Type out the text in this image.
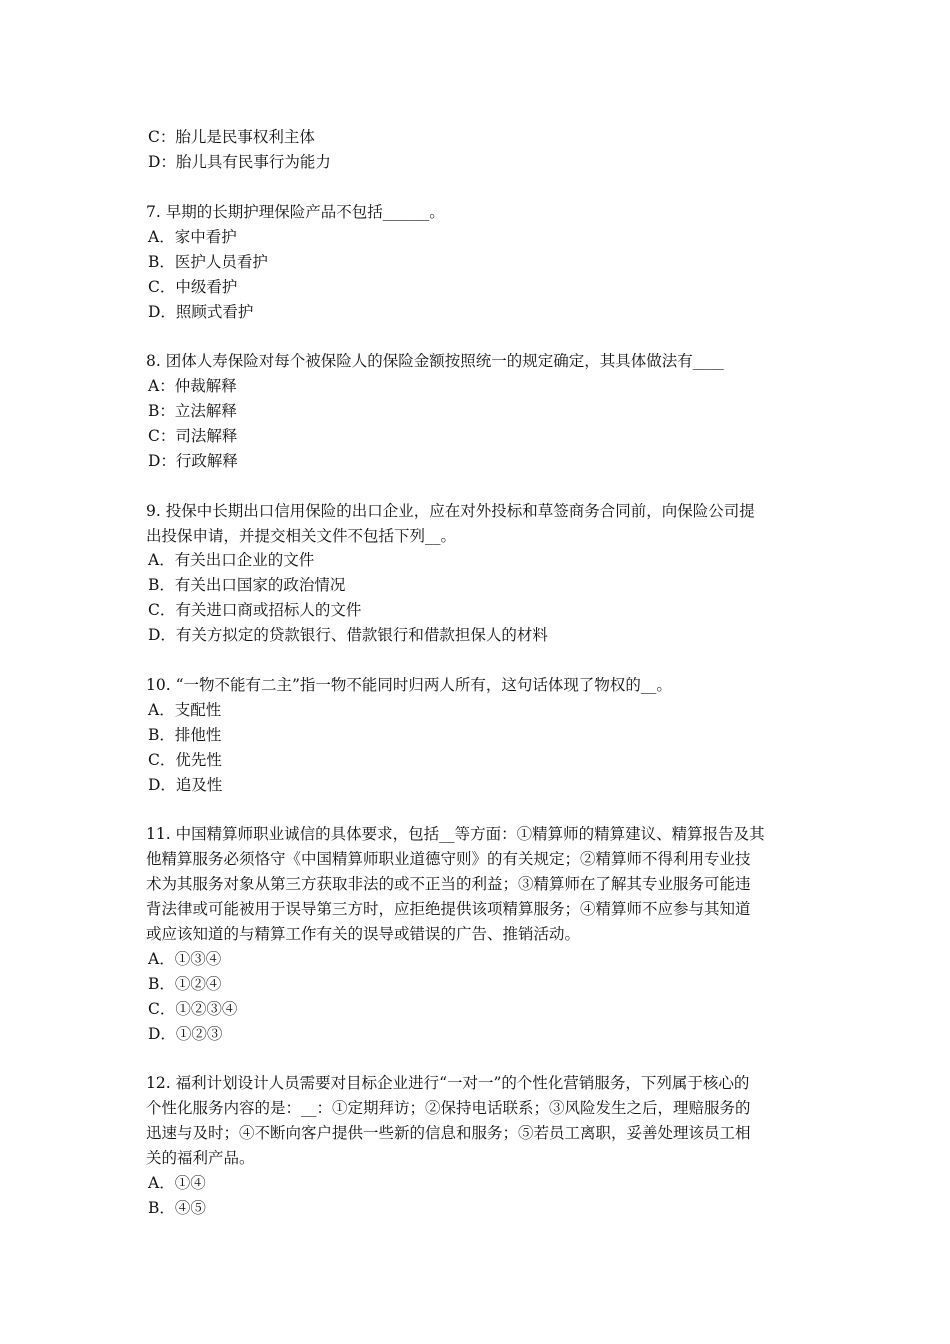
C：胎儿是民事权利主体
D：胎儿具有民事行为能力
7. 早期的长期护理保险产品不包括______。
A．家中看护
B．医护人员看护
C．中级看护
D．照顾式看护
8. 团体人寿保险对每个被保险人的保险金额按照统一的规定确定，其具体做法有____
A：仲裁解释
B：立法解释
C：司法解释
D：行政解释
9. 投保中长期出口信用保险的出口企业，应在对外投标和草签商务合同前，向保险公司提
出投保申请，并提交相关文件不包括下列__。
A．有关出口企业的文件
B．有关出口国家的政治情况
C．有关进口商或招标人的文件
D．有关方拟定的贷款银行、借款银行和借款担保人的材料
10. “一物不能有二主”指一物不能同时归两人所有，这句话体现了物权的__。
A．支配性
B．排他性
C．优先性
D．追及性
11. 中国精算师职业诚信的具体要求，包括__等方面：①精算师的精算建议、精算报告及其
他精算服务必须恪守《中国精算师职业道德守则》的有关规定；②精算师不得利用专业技
术为其服务对象从第三方获取非法的或不正当的利益；③精算师在了解其专业服务可能违
背法律或可能被用于误导第三方时，应拒绝提供该项精算服务；④精算师不应参与其知道
或应该知道的与精算工作有关的误导或错误的广告、推销活动。
A．①③④
B．①②④
C．①②③④
D．①②③
12. 福利计划设计人员需要对目标企业进行“一对一”的个性化营销服务，下列属于核心的
个性化服务内容的是：__：①定期拜访；②保持电话联系；③风险发生之后，理赔服务的
迅速与及时；④不断向客户提供一些新的信息和服务；⑤若员工离职，妥善处理该员工相
关的福利产品。
A．①④
B．④⑤
